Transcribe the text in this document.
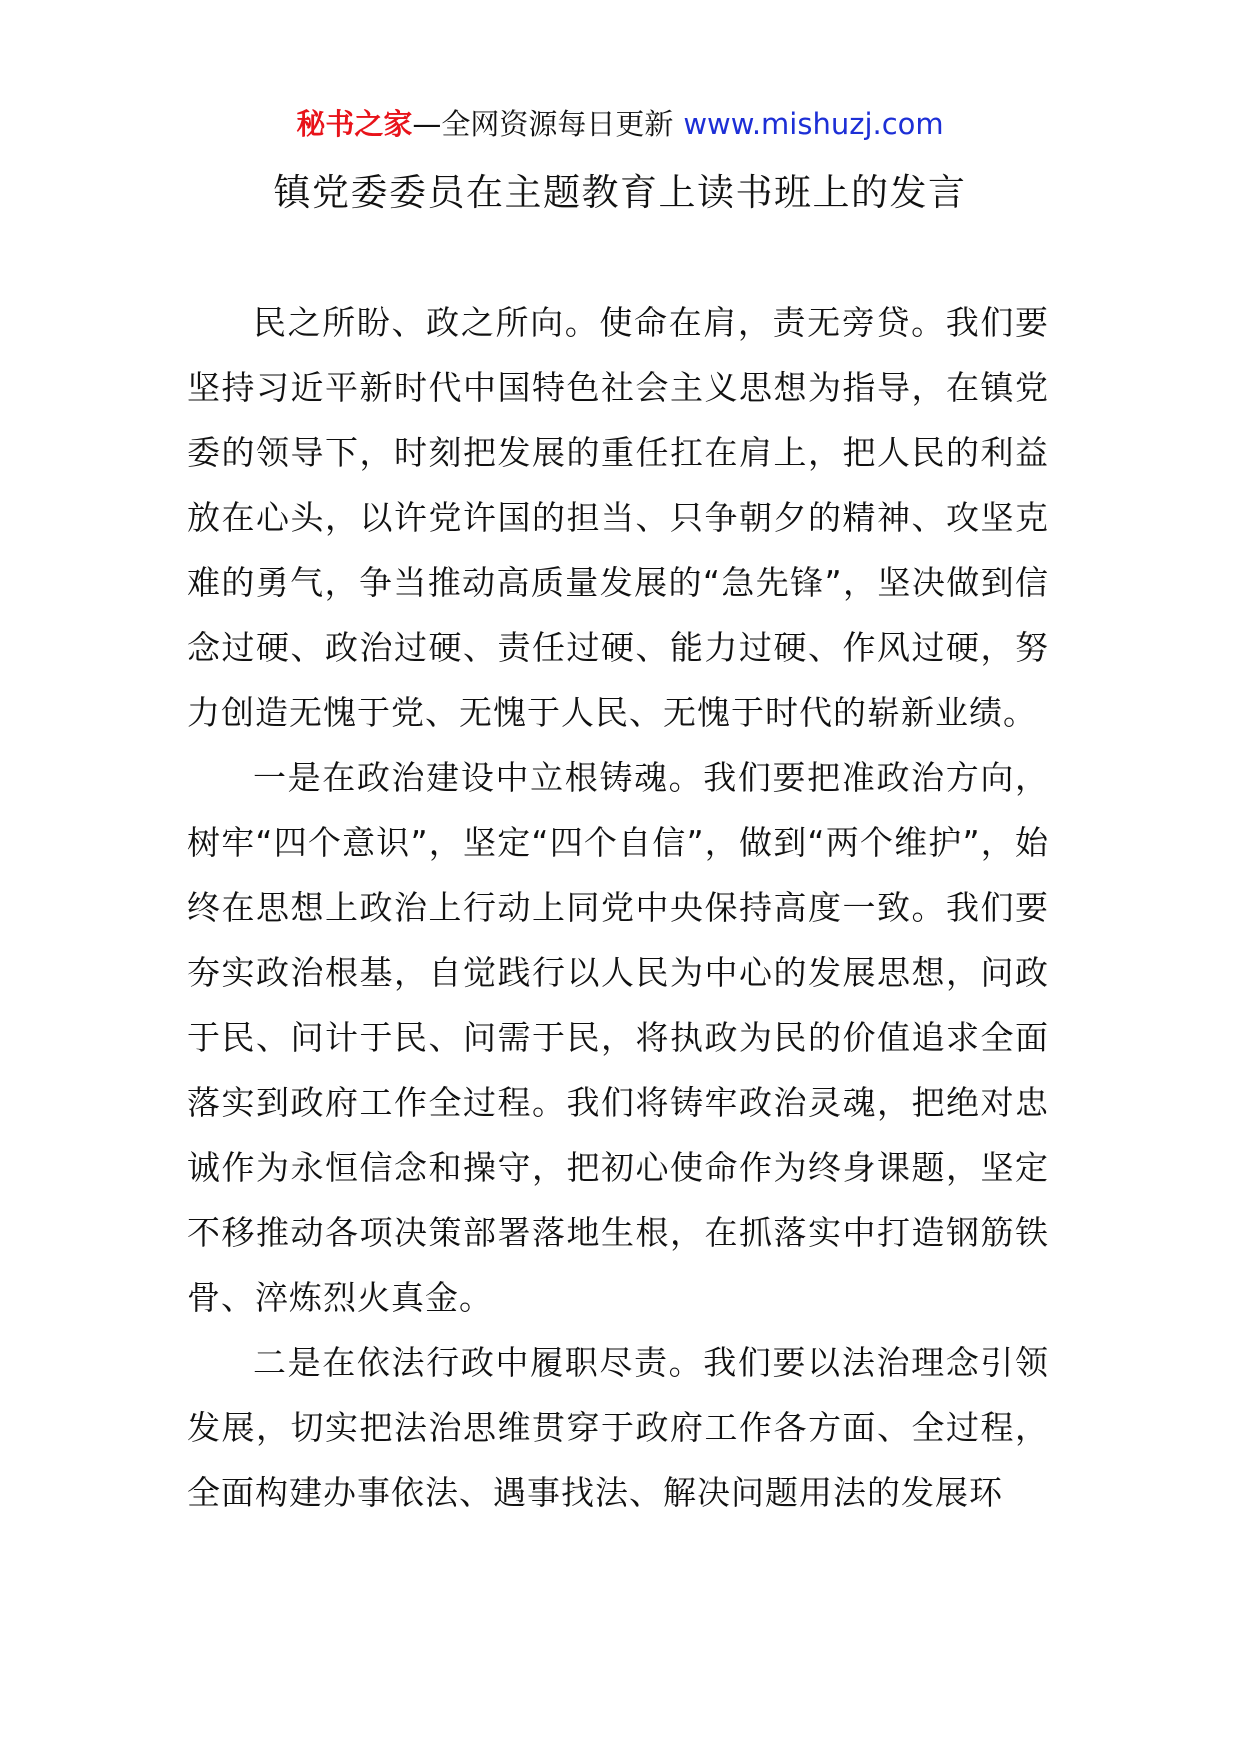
秘书之家—全网资源每日更新 www.mishuzj.com
镇党委委员在主题教育上读书班上的发言

民之所盼、政之所向。使命在肩，责无旁贷。我们要坚持习近平新时代中国特色社会主义思想为指导，在镇党委的领导下，时刻把发展的重任扛在肩上，把人民的利益放在心头，以许党许国的担当、只争朝夕的精神、攻坚克难的勇气，争当推动高质量发展的“急先锋”，坚决做到信念过硬、政治过硬、责任过硬、能力过硬、作风过硬，努力创造无愧于党、无愧于人民、无愧于时代的崭新业绩。

一是在政治建设中立根铸魂。我们要把准政治方向，树牢“四个意识”，坚定“四个自信”，做到“两个维护”，始终在思想上政治上行动上同党中央保持高度一致。我们要夯实政治根基，自觉践行以人民为中心的发展思想，问政于民、问计于民、问需于民，将执政为民的价值追求全面落实到政府工作全过程。我们将铸牢政治灵魂，把绝对忠诚作为永恒信念和操守，把初心使命作为终身课题，坚定不移推动各项决策部署落地生根，在抓落实中打造钢筋铁骨、淬炼烈火真金。

二是在依法行政中履职尽责。我们要以法治理念引领发展，切实把法治思维贯穿于政府工作各方面、全过程，全面构建办事依法、遇事找法、解决问题用法的发展环
